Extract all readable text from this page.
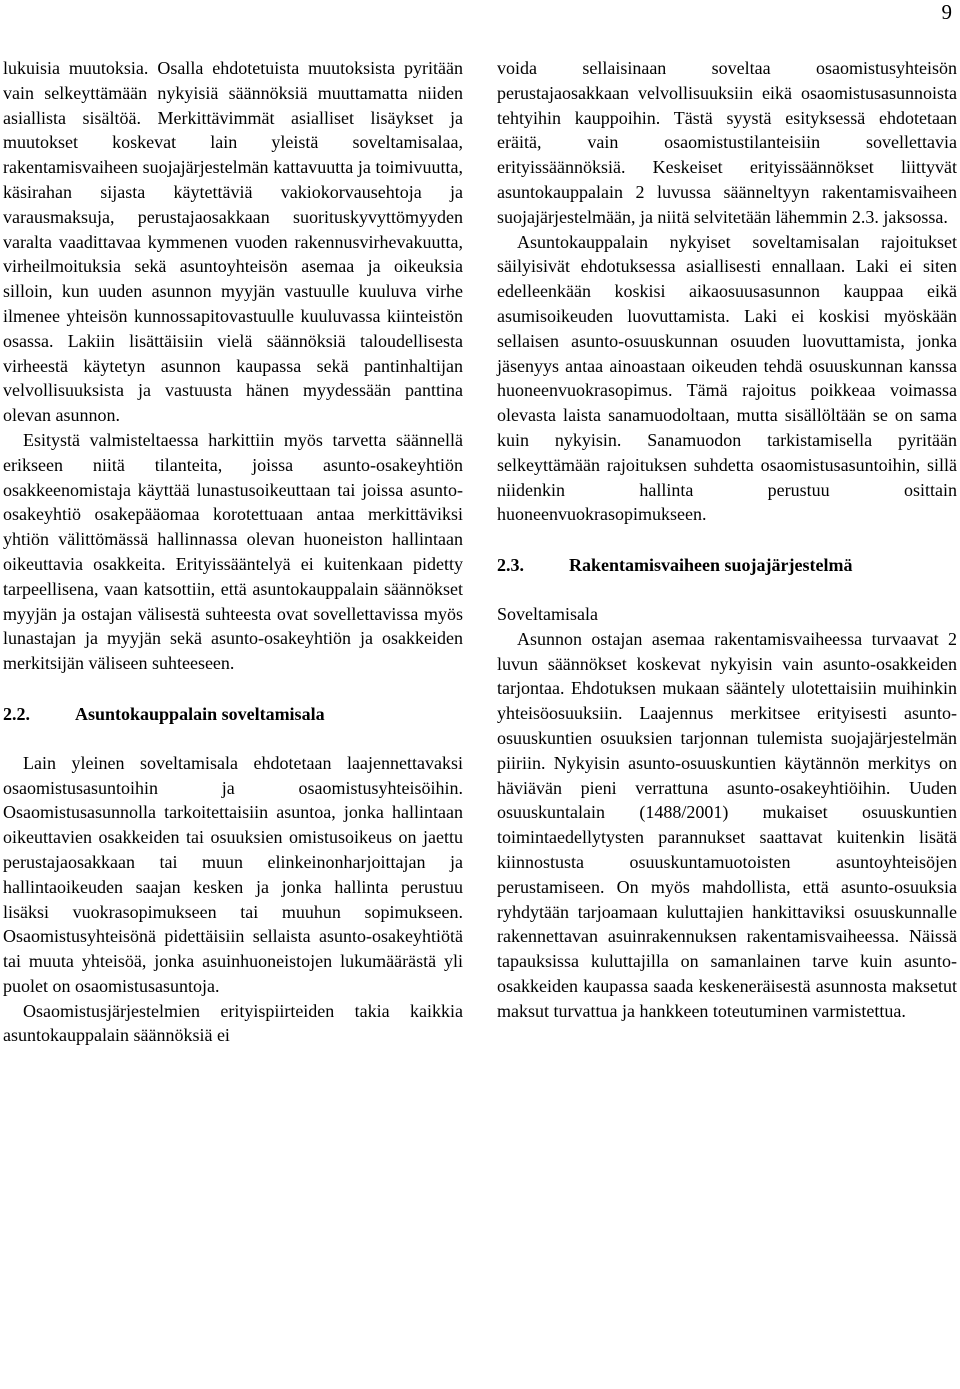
9

lukuisia muutoksia. Osalla ehdotetuista muutoksista pyritään vain selkeyttämään nykyisiä säännöksiä muuttamatta niiden asiallista sisältöä. Merkittävimmät asialliset lisäykset ja muutokset koskevat lain yleistä soveltamisalaa, rakentamisvaiheen suojajärjestelmän kattavuutta ja toimivuutta, käsirahan sijasta käytettäviä vakiokorvausehtoja ja varausmaksuja, perustajaosakkaan suorituskyvyttömyyden varalta vaadittavaa kymmenen vuoden rakennusvirhevakuutta, virheilmoituksia sekä asuntoyhteisön asemaa ja oikeuksia silloin, kun uuden asunnon myyjän vastuulle kuuluva virhe ilmenee yhteisön kunnossapitovastuulle kuuluvassa kiinteistön osassa. Lakiin lisättäisiin vielä säännöksiä taloudellisesta virheestä käytetyn asunnon kaupassa sekä pantinhaltijan velvollisuuksista ja vastuusta hänen myydessään panttina olevan asunnon.

Esitystä valmisteltaessa harkittiin myös tarvetta säännellä erikseen niitä tilanteita, joissa asunto-osakeyhtiön osakkeenomistaja käyttää lunastusoikeuttaan tai joissa asunto-osakeyhtiö osakepääomaa korotettuaan antaa merkittäviksi yhtiön välittömässä hallinnassa olevan huoneiston hallintaan oikeuttavia osakkeita. Erityissääntelyä ei kuitenkaan pidetty tarpeellisena, vaan katsottiin, että asuntokauppalain säännökset myyjän ja ostajan välisestä suhteesta ovat sovellettavissa myös lunastajan ja myyjän sekä asunto-osakeyhtiön ja osakkeiden merkitsijän väliseen suhteeseen.

2.2.	Asuntokauppalain soveltamisala

Lain yleinen soveltamisala ehdotetaan laajennettavaksi osaomistusasuntoihin ja osaomistusyhteisöihin. Osaomistusasunnolla tarkoitettaisiin asuntoa, jonka hallintaan oikeuttavien osakkeiden tai osuuksien omistusoikeus on jaettu perustajaosakkaan tai muun elinkeinonharjoittajan ja hallintaoikeuden saajan kesken ja jonka hallinta perustuu lisäksi vuokrasopimukseen tai muuhun sopimukseen. Osaomistusyhteisönä pidettäisiin sellaista asunto-osakeyhtiötä tai muuta yhteisöä, jonka asuinhuoneistojen lukumäärästä yli puolet on osaomistusasuntoja.

Osaomistusjärjestelmien erityispiirteiden takia kaikkia asuntokauppalain säännöksiä ei

voida sellaisinaan soveltaa osaomistusyhteisön perustajaosakkaan velvollisuuksiin eikä osaomistusasunnoista tehtyihin kauppoihin. Tästä syystä esityksessä ehdotetaan eräitä, vain osaomistustilanteisiin sovellettavia erityissäännöksiä. Keskeiset erityissäännökset liittyvät asuntokauppalain 2 luvussa säänneltyyn rakentamisvaiheen suojajärjestelmään, ja niitä selvitetään lähemmin 2.3. jaksossa.

Asuntokauppalain nykyiset soveltamisalan rajoitukset säilyisivät ehdotuksessa asiallisesti ennallaan. Laki ei siten edelleenkään koskisi aikaosuusasunnon kauppaa eikä asumisoikeuden luovuttamista. Laki ei koskisi myöskään sellaisen asunto-osuuskunnan osuuden luovuttamista, jonka jäsenyys antaa ainoastaan oikeuden tehdä osuuskunnan kanssa huoneenvuokrasopimus. Tämä rajoitus poikkeaa voimassa olevasta laista sanamuodoltaan, mutta sisällöltään se on sama kuin nykyisin. Sanamuodon tarkistamisella pyritään selkeyttämään rajoituksen suhdetta osaomistusasuntoihin, sillä niidenkin hallinta perustuu osittain huoneenvuokrasopimukseen.

2.3.	Rakentamisvaiheen suojajärjestelmä

Soveltamisala

Asunnon ostajan asemaa rakentamisvaiheessa turvaavat 2 luvun säännökset koskevat nykyisin vain asunto-osakkeiden tarjontaa. Ehdotuksen mukaan sääntely ulotettaisiin muihinkin yhteisöosuuksiin. Laajennus merkitsee erityisesti asunto-osuuskuntien osuuksien tarjonnan tulemista suojajärjestelmän piiriin. Nykyisin asunto-osuuskuntien käytännön merkitys on häviävän pieni verrattuna asunto-osakeyhtiöihin. Uuden osuuskuntalain (1488/2001) mukaiset osuuskuntien toimintaedellytysten parannukset saattavat kuitenkin lisätä kiinnostusta osuuskuntamuotoisten asuntoyhteisöjen perustamiseen. On myös mahdollista, että asunto-osuuksia ryhdytään tarjoamaan kuluttajien hankittaviksi osuuskunnalle rakennettavan asuinrakennuksen rakentamisvaiheessa. Näissä tapauksissa kuluttajilla on samanlainen tarve kuin asunto-osakkeiden kaupassa saada keskeneräisestä asunnosta maksetut maksut turvattua ja hankkeen toteutuminen varmistettua.
